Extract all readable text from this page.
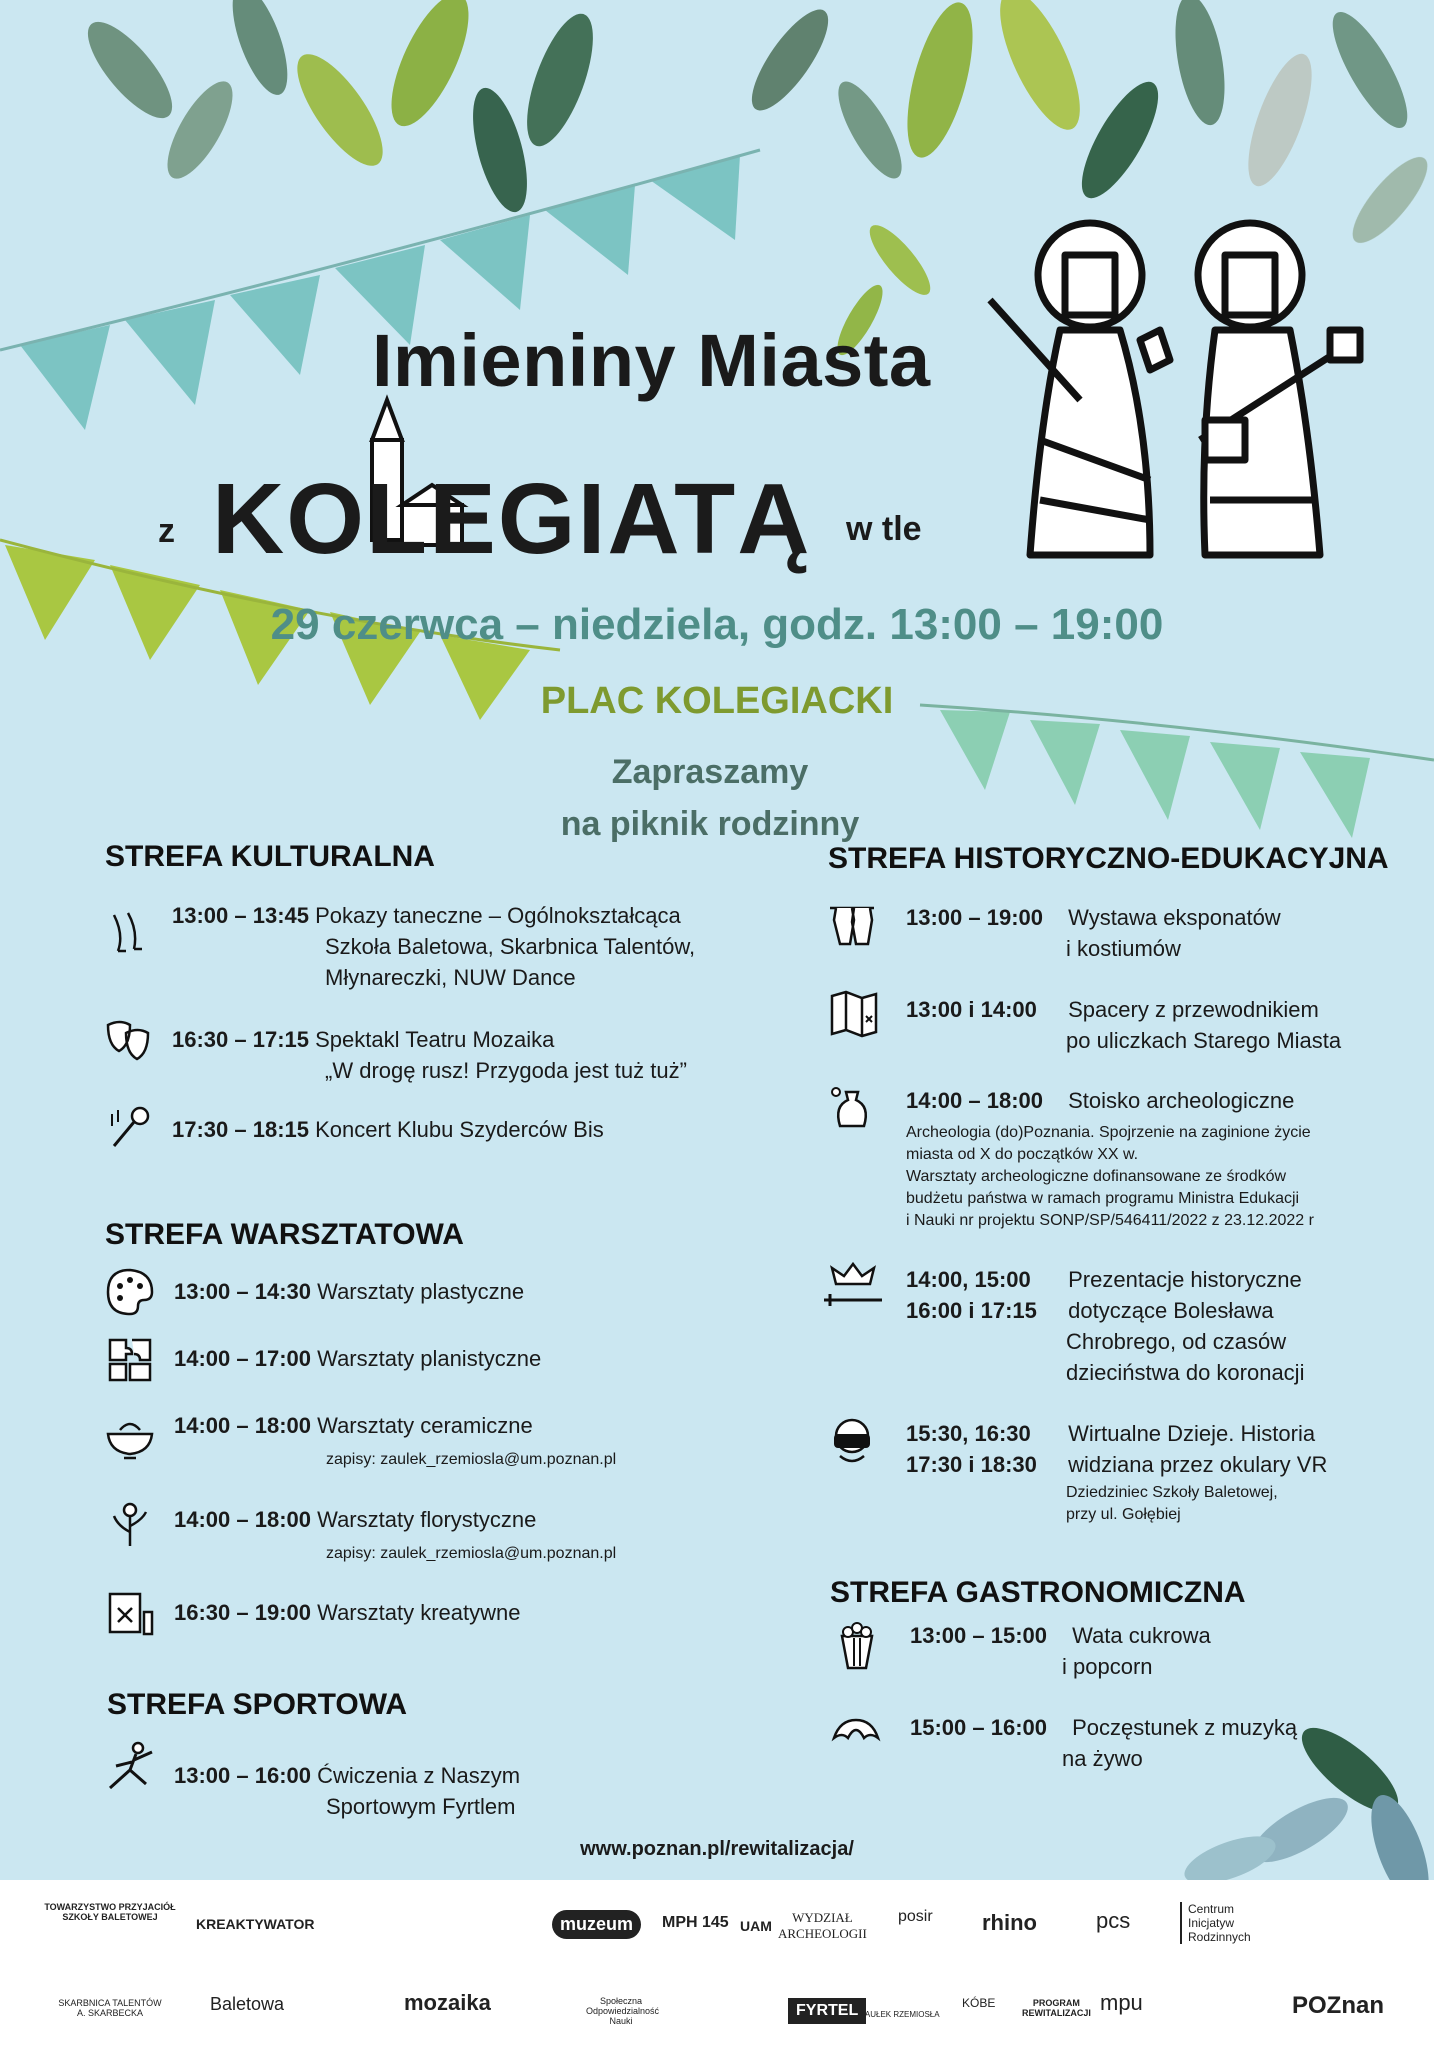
Imieniny Miasta
z KOLEGIATĄ w tle
29 czerwca – niedziela, godz. 13:00 – 19:00
PLAC KOLEGIACKI
Zapraszamy
na piknik rodzinny
STREFA KULTURALNA
13:00 – 13:45 Pokazy taneczne – Ogólnokształcąca
Szkoła Baletowa, Skarbnica Talentów,
Młynareczki, NUW Dance
16:30 – 17:15 Spektakl Teatru Mozaika
„W drogę rusz! Przygoda jest tuż tuż”
17:30 – 18:15 Koncert Klubu Szyderców Bis
STREFA WARSZTATOWA
13:00 – 14:30 Warsztaty plastyczne
14:00 – 17:00 Warsztaty planistyczne
14:00 – 18:00 Warsztaty ceramiczne
zapisy: zaulek_rzemiosla@um.poznan.pl
14:00 – 18:00 Warsztaty florystyczne
zapisy: zaulek_rzemiosla@um.poznan.pl
16:30 – 19:00 Warsztaty kreatywne
STREFA SPORTOWA
13:00 – 16:00 Ćwiczenia z Naszym
Sportowym Fyrtlem
STREFA HISTORYCZNO-EDUKACYJNA
13:00 – 19:00 Wystawa eksponatów
i kostiumów
13:00 i 14:00 Spacery z przewodnikiem
po uliczkach Starego Miasta
14:00 – 18:00 Stoisko archeologiczne
Archeologia (do)Poznania. Spojrzenie na zaginione życie
miasta od X do początków XX w.
Warsztaty archeologiczne dofinansowane ze środków
budżetu państwa w ramach programu Ministra Edukacji
i Nauki nr projektu SONP/SP/546411/2022 z 23.12.2022 r
14:00, 15:00 Prezentacje historyczne
16:00 i 17:15 dotyczące Bolesława
Chrobrego, od czasów
dzieciństwa do koronacji
15:30, 16:30 Wirtualne Dzieje. Historia
17:30 i 18:30 widziana przez okulary VR
Dziedziniec Szkoły Baletowej,
przy ul. Gołębiej
STREFA GASTRONOMICZNA
13:00 – 15:00 Wata cukrowa
i popcorn
15:00 – 16:00 Poczęstunek z muzyką
na żywo
www.poznan.pl/rewitalizacja/
TOWARZYSTWO PRZYJACIÓŁ
SZKOŁY BALETOWEJ
SKARBNICA TALENTÓW
A. SKARBECKA
KREAKTYWATOR
Baletowa	mozaika
muzeum	MPH 145 UAM
WYDZIAŁ
ARCHEOLOGII
Społeczna
Odpowiedzialność
Nauki
FYRTEL ZAUŁEK RZEMIOSŁA
posir
KÓBE
rhino
PROGRAM
REWITALIZACJI
pcs
mpu
Centrum
Inicjatyw
Rodzinnych
POZnan
